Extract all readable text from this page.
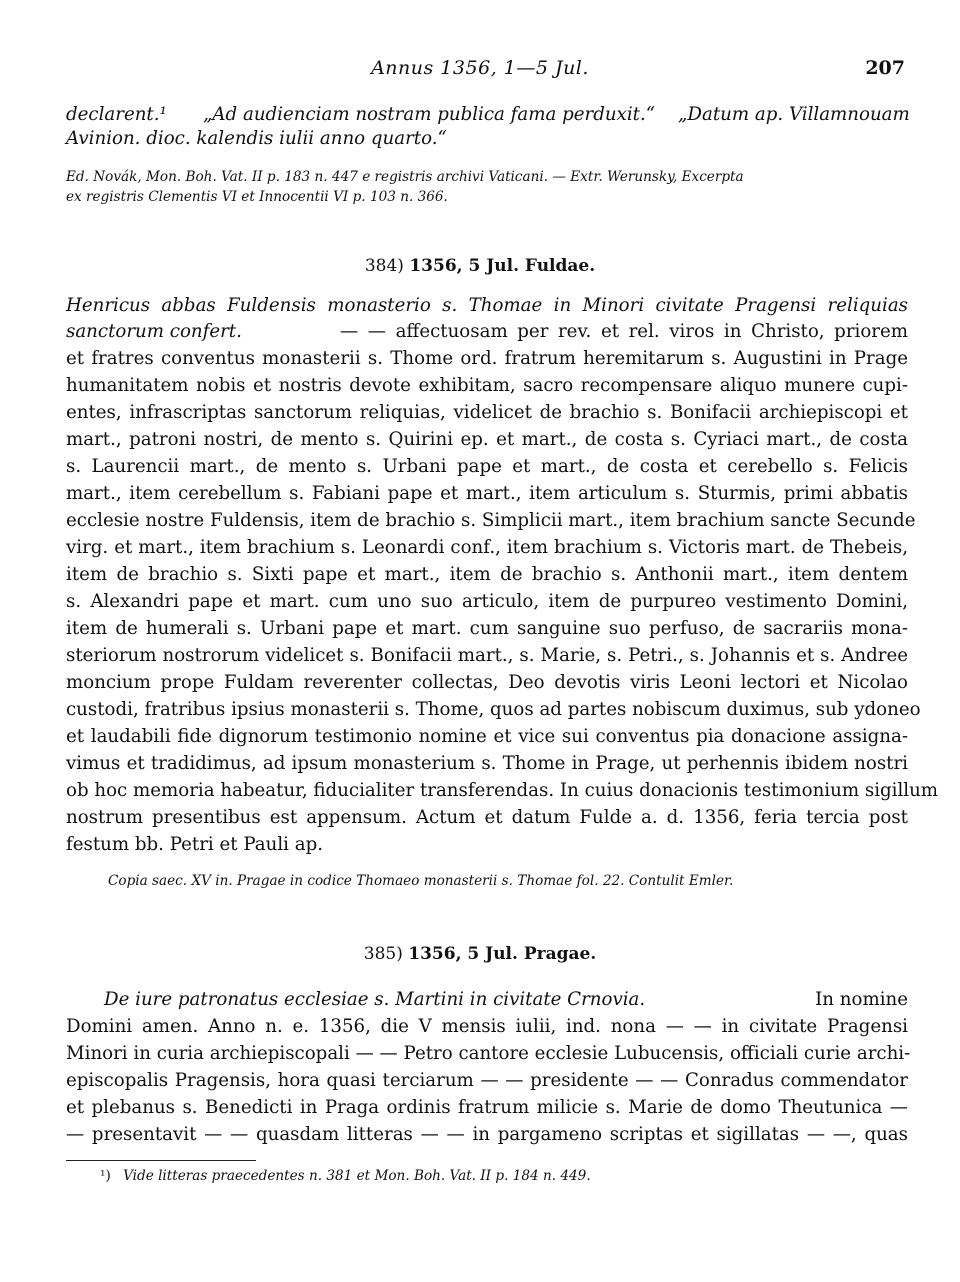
Annus 1356, 1—5 Jul.	207
declarent.¹ „Ad audienciam nostram publica fama perduxit.“ „Datum ap. Villamnouam
Avinion. dioc. kalendis iulii anno quarto.“
Ed. Novák, Mon. Boh. Vat. II p. 183 n. 447 e registris archivi Vaticani. — Extr. Werunsky, Excerpta
ex registris Clementis VI et Innocentii VI p. 103 n. 366.
384) 1356, 5 Jul. Fuldae.
Henricus abbas Fuldensis monasterio s. Thomae in Minori civitate Pragensi reliquias
sanctorum confert.	— — affectuosam per rev. et rel. viros in Christo, priorem
et fratres conventus monasterii s. Thome ord. fratrum heremitarum s. Augustini in Prage
humanitatem nobis et nostris devote exhibitam, sacro recompensare aliquo munere cupi-
entes, infrascriptas sanctorum reliquias, videlicet de brachio s. Bonifacii archiepiscopi et
mart., patroni nostri, de mento s. Quirini ep. et mart., de costa s. Cyriaci mart., de costa
s. Laurencii mart., de mento s. Urbani pape et mart., de costa et cerebello s. Felicis
mart., item cerebellum s. Fabiani pape et mart., item articulum s. Sturmis, primi abbatis
ecclesie nostre Fuldensis, item de brachio s. Simplicii mart., item brachium sancte Secunde
virg. et mart., item brachium s. Leonardi conf., item brachium s. Victoris mart. de Thebeis,
item de brachio s. Sixti pape et mart., item de brachio s. Anthonii mart., item dentem
s. Alexandri pape et mart. cum uno suo articulo, item de purpureo vestimento Domini,
item de humerali s. Urbani pape et mart. cum sanguine suo perfuso, de sacrariis mona-
steriorum nostrorum videlicet s. Bonifacii mart., s. Marie, s. Petri., s. Johannis et s. Andree
moncium prope Fuldam reverenter collectas, Deo devotis viris Leoni lectori et Nicolao
custodi, fratribus ipsius monasterii s. Thome, quos ad partes nobiscum duximus, sub ydoneo
et laudabili fide dignorum testimonio nomine et vice sui conventus pia donacione assigna-
vimus et tradidimus, ad ipsum monasterium s. Thome in Prage, ut perhennis ibidem nostri
ob hoc memoria habeatur, fiducialiter transferendas. In cuius donacionis testimonium sigillum
nostrum presentibus est appensum. Actum et datum Fulde a. d. 1356, feria tercia post
festum bb. Petri et Pauli ap.
Copia saec. XV in. Pragae in codice Thomaeo monasterii s. Thomae fol. 22. Contulit Emler.
385) 1356, 5 Jul. Pragae.
De iure patronatus ecclesiae s. Martini in civitate Crnovia.	In nomine
Domini amen. Anno n. e. 1356, die V mensis iulii, ind. nona — — in civitate Pragensi
Minori in curia archiepiscopali — — Petro cantore ecclesie Lubucensis, officiali curie archi-
episcopalis Pragensis, hora quasi terciarum — — presidente — — Conradus commendator
et plebanus s. Benedicti in Praga ordinis fratrum milicie s. Marie de domo Theutunica —
— presentavit — — quasdam litteras — — in pargameno scriptas et sigillatas — —, quas
¹) Vide litteras praecedentes n. 381 et Mon. Boh. Vat. II p. 184 n. 449.
